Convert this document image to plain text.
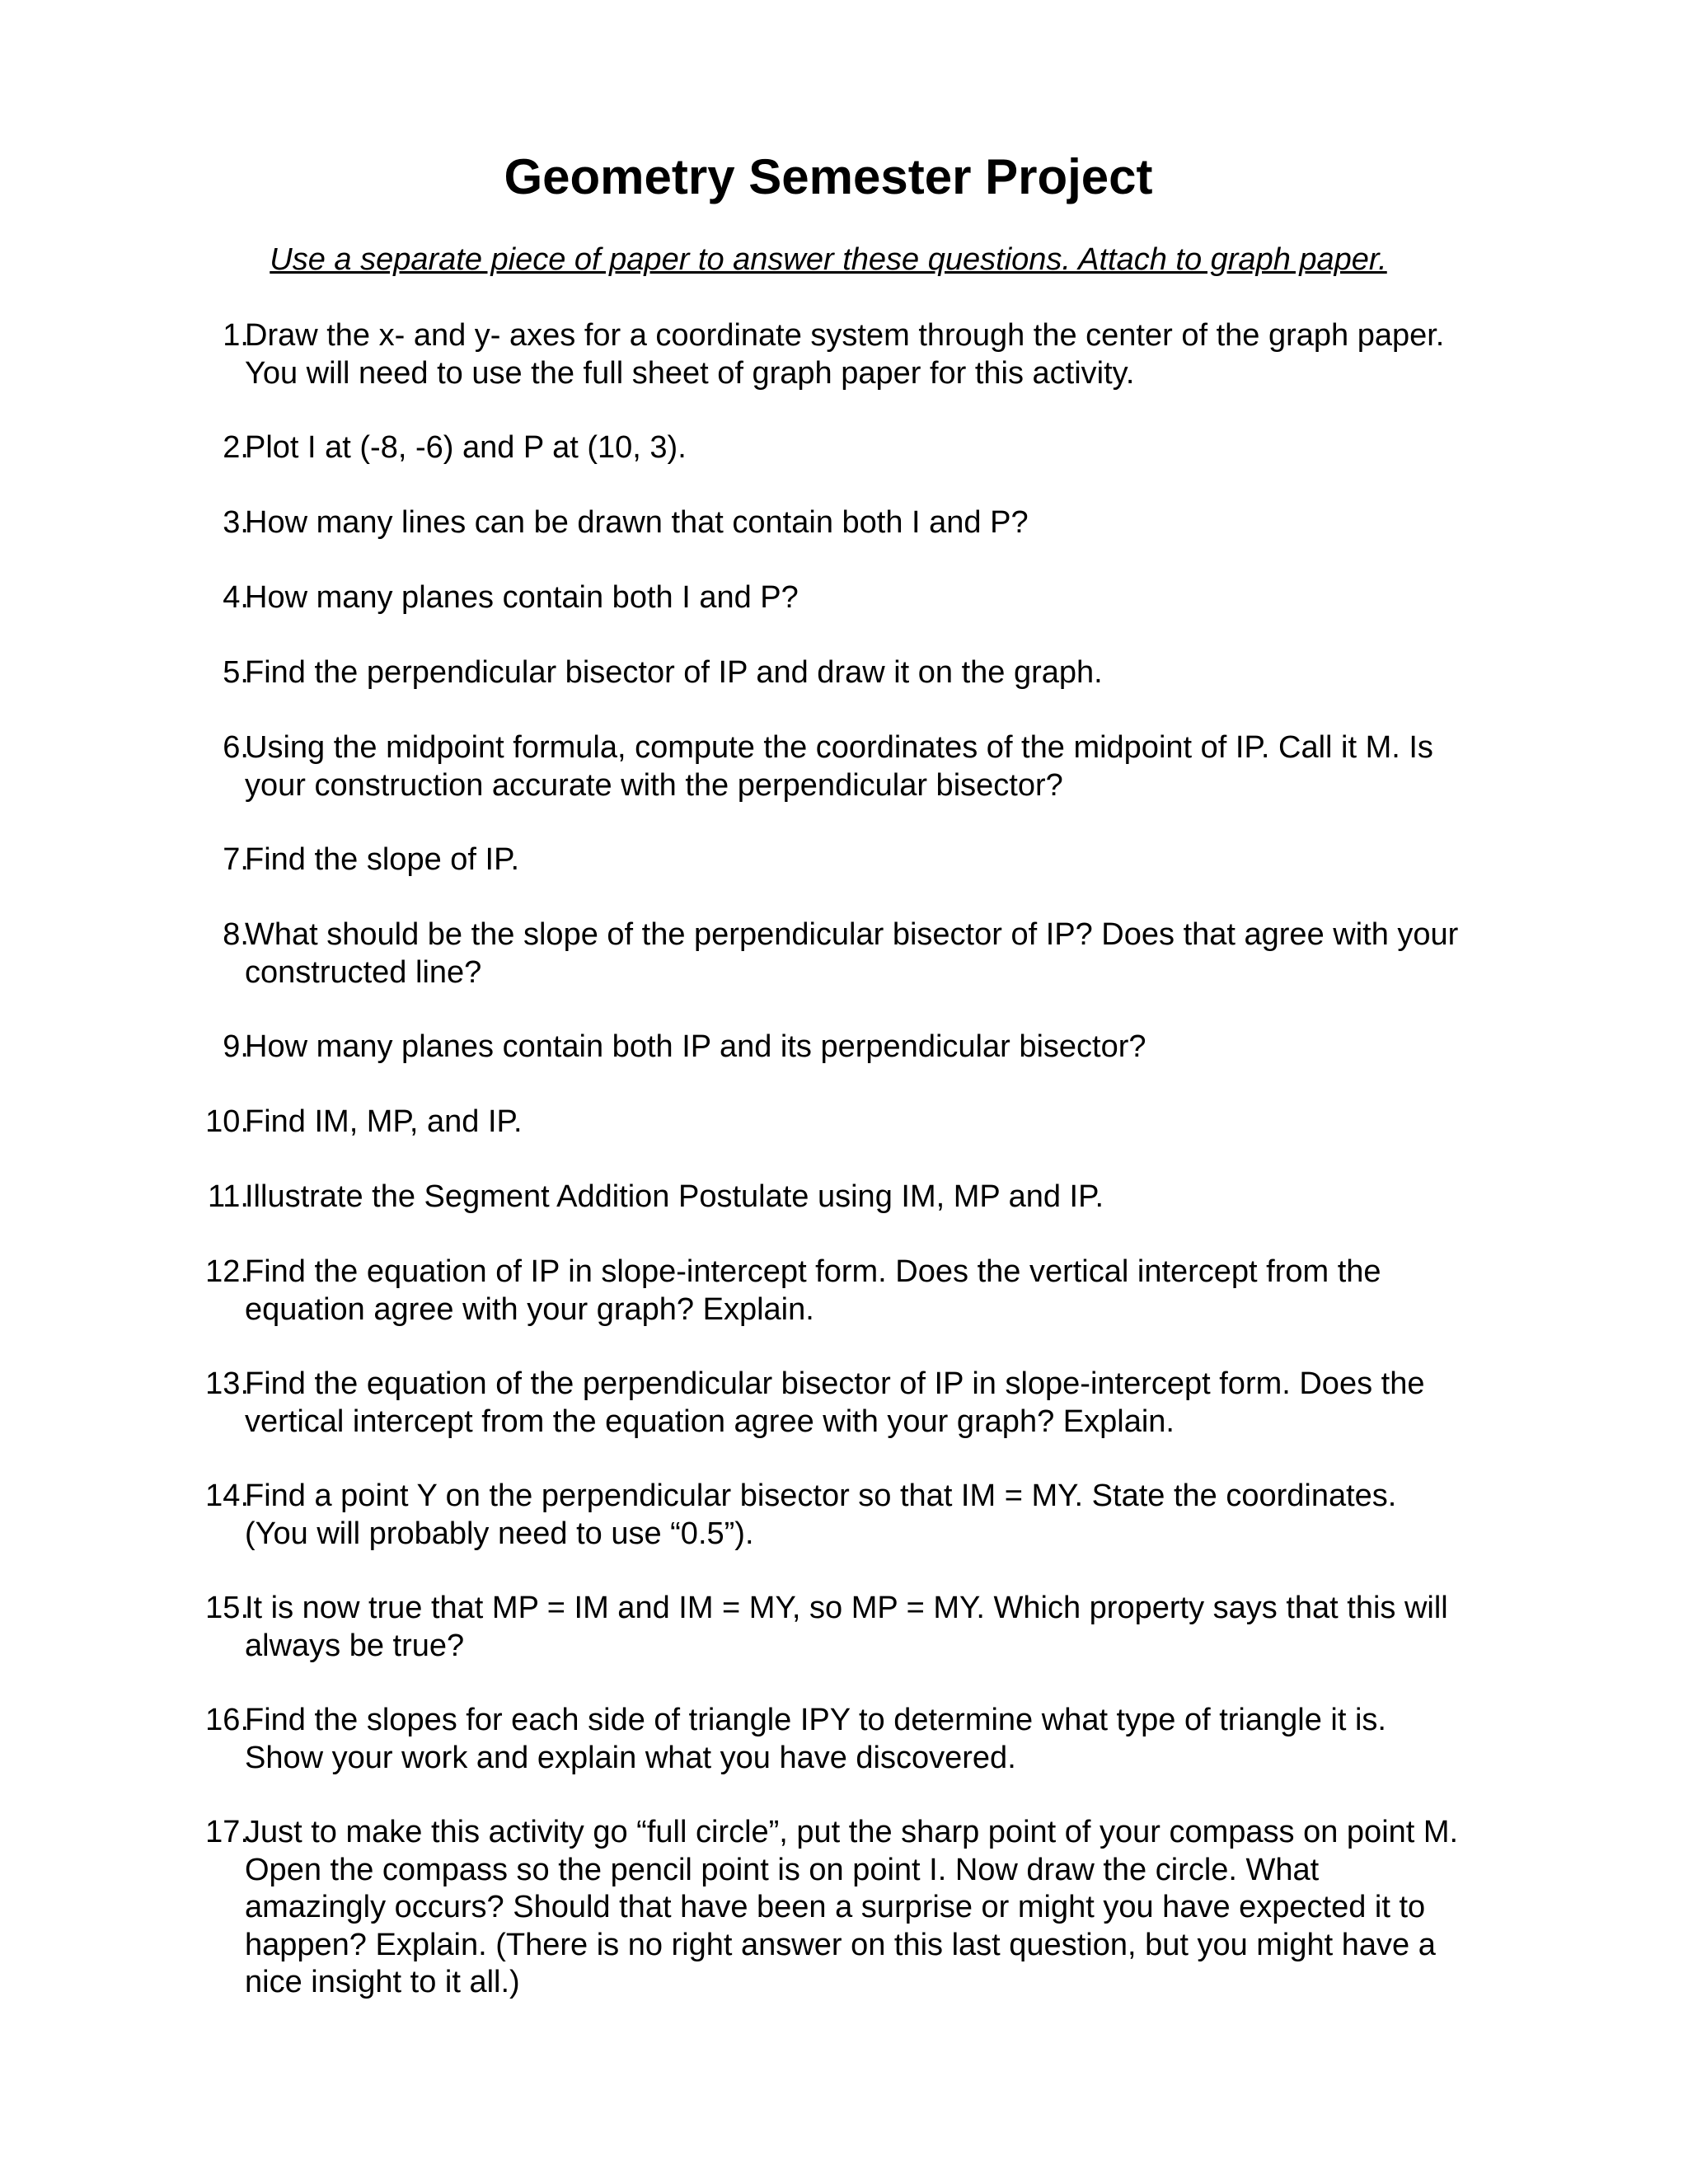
Geometry Semester Project

Use a separate piece of paper to answer these questions. Attach to graph paper.

1.
Draw the x- and y- axes for a coordinate system through the center of the graph paper.
You will need to use the full sheet of graph paper for this activity.
2.
Plot I at (-8, -6) and P at (10, 3).
3.
How many lines can be drawn that contain both I and P?
4.
How many planes contain both I and P?
5.
Find the perpendicular bisector of IP and draw it on the graph.
6.
Using the midpoint formula, compute the coordinates of the midpoint of IP. Call it M. Is
your construction accurate with the perpendicular bisector?
7.
Find the slope of IP.
8.
What should be the slope of the perpendicular bisector of IP? Does that agree with your
constructed line?
9.
How many planes contain both IP and its perpendicular bisector?
10.
Find IM, MP, and IP.
11.
Illustrate the Segment Addition Postulate using IM, MP and IP.
12.
Find the equation of IP in slope-intercept form. Does the vertical intercept from the
equation agree with your graph? Explain.
13.
Find the equation of the perpendicular bisector of IP in slope-intercept form. Does the
vertical intercept from the equation agree with your graph? Explain.
14.
Find a point Y on the perpendicular bisector so that IM = MY. State the coordinates.
(You will probably need to use “0.5”).
15.
It is now true that MP = IM and IM = MY, so MP = MY. Which property says that this will
always be true?
16.
Find the slopes for each side of triangle IPY to determine what type of triangle it is.
Show your work and explain what you have discovered.
17.
Just to make this activity go “full circle”, put the sharp point of your compass on point M.
Open the compass so the pencil point is on point I. Now draw the circle. What
amazingly occurs? Should that have been a surprise or might you have expected it to
happen? Explain. (There is no right answer on this last question, but you might have a
nice insight to it all.)
